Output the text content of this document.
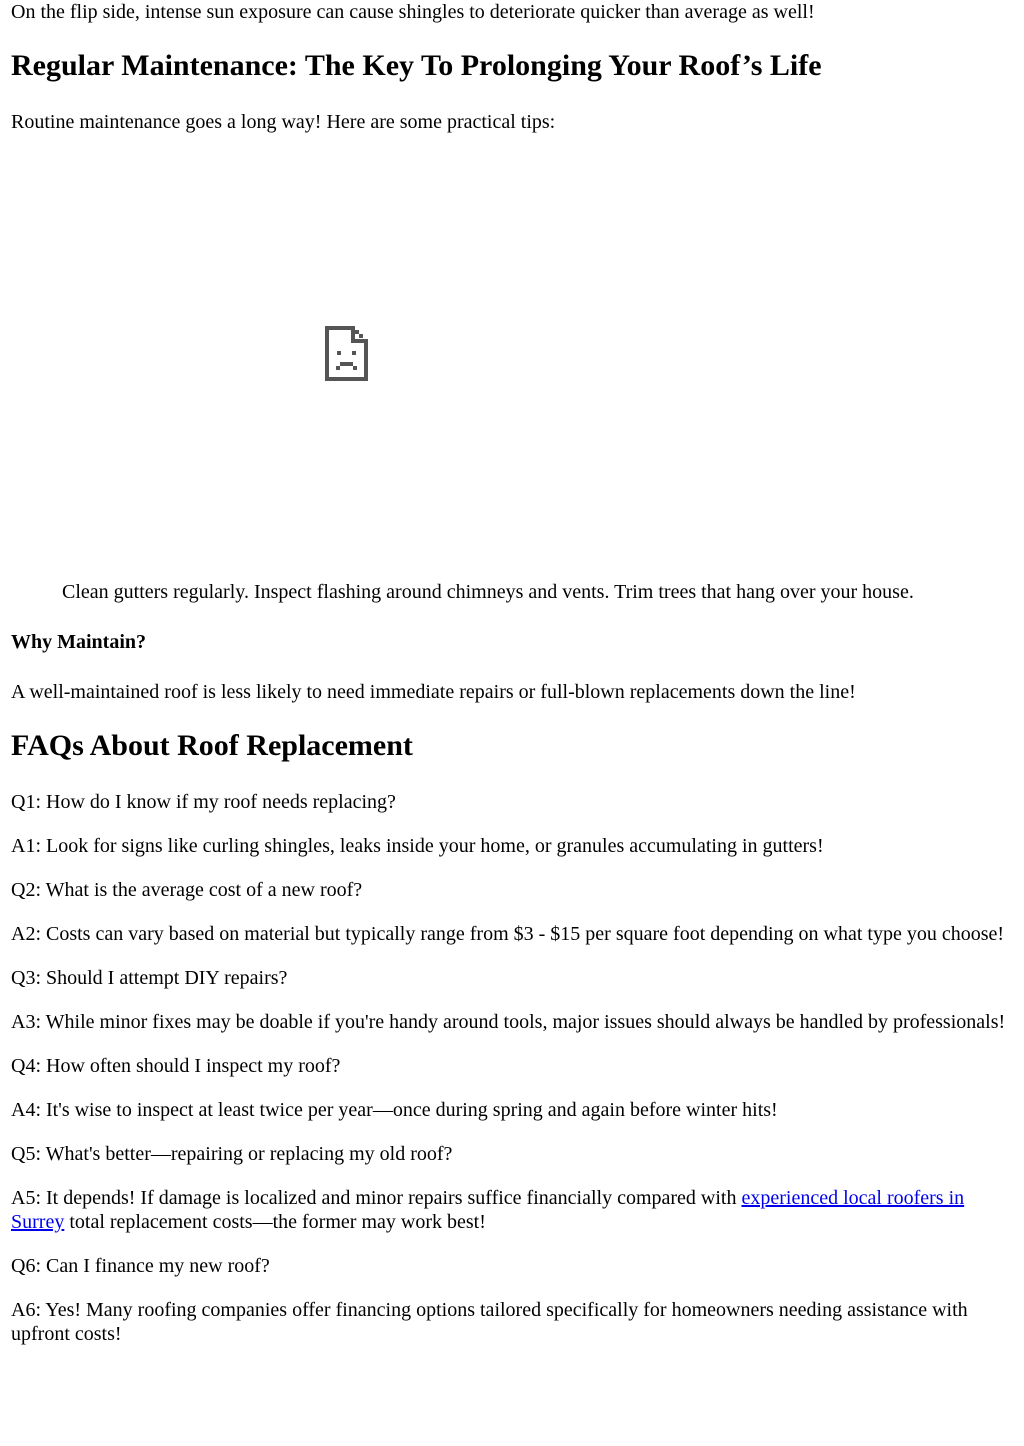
On the flip side, intense sun exposure can cause shingles to deteriorate quicker than average as well!

Regular Maintenance: The Key To Prolonging Your Roof’s Life

Routine maintenance goes a long way! Here are some practical tips:

Clean gutters regularly. Inspect flashing around chimneys and vents. Trim trees that hang over your house.

Why Maintain?

A well-maintained roof is less likely to need immediate repairs or full-blown replacements down the line!

FAQs About Roof Replacement

Q1: How do I know if my roof needs replacing?

A1: Look for signs like curling shingles, leaks inside your home, or granules accumulating in gutters!

Q2: What is the average cost of a new roof?

A2: Costs can vary based on material but typically range from $3 - $15 per square foot depending on what type you choose!

Q3: Should I attempt DIY repairs?

A3: While minor fixes may be doable if you're handy around tools, major issues should always be handled by professionals!

Q4: How often should I inspect my roof?

A4: It's wise to inspect at least twice per year—once during spring and again before winter hits!

Q5: What's better—repairing or replacing my old roof?

A5: It depends! If damage is localized and minor repairs suffice financially compared with experienced local roofers in Surrey total replacement costs—the former may work best!

Q6: Can I finance my new roof?

A6: Yes! Many roofing companies offer financing options tailored specifically for homeowners needing assistance with upfront costs!
